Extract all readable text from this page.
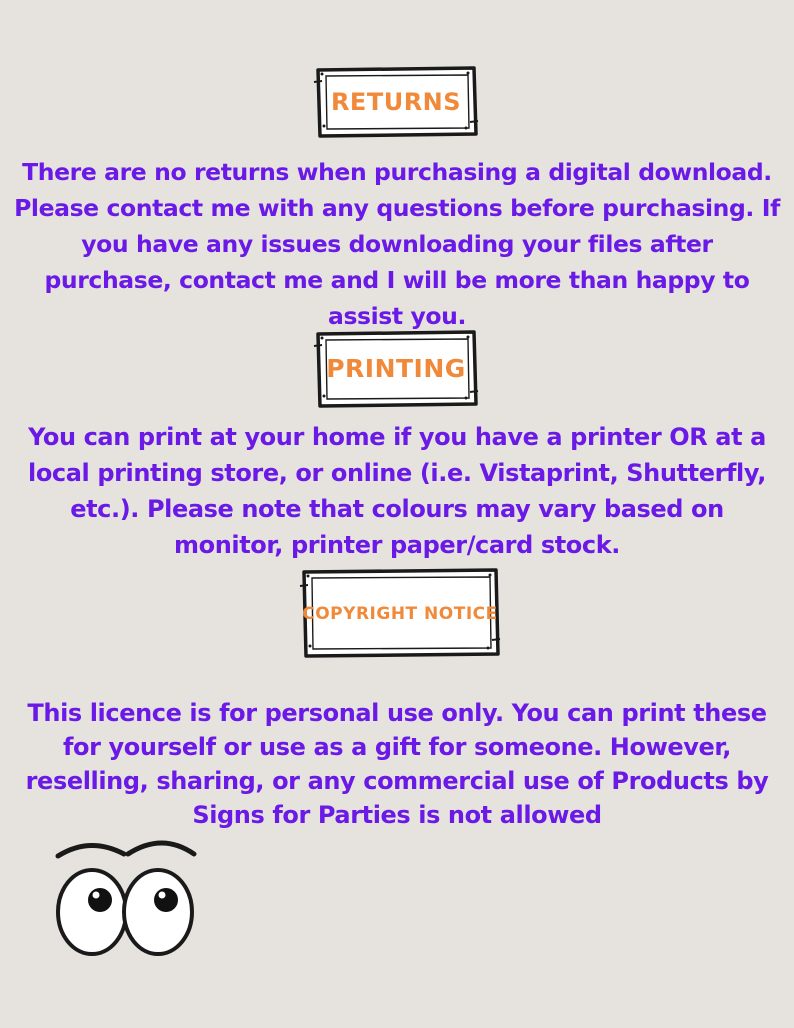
RETURNS

There are no returns when purchasing a digital download. Please contact me with any questions before purchasing. If you have any issues downloading your files after purchase, contact me and I will be more than happy to assist you.

PRINTING

You can print at your home if you have a printer OR at a local printing store, or online (i.e. Vistaprint, Shutterfly, etc.). Please note that colours may vary based on monitor, printer paper/card stock.

COPYRIGHT NOTICE

This licence is for personal use only. You can print these for yourself or use as a gift for someone. However, reselling, sharing, or any commercial use of Products by Signs for Parties is not allowed
